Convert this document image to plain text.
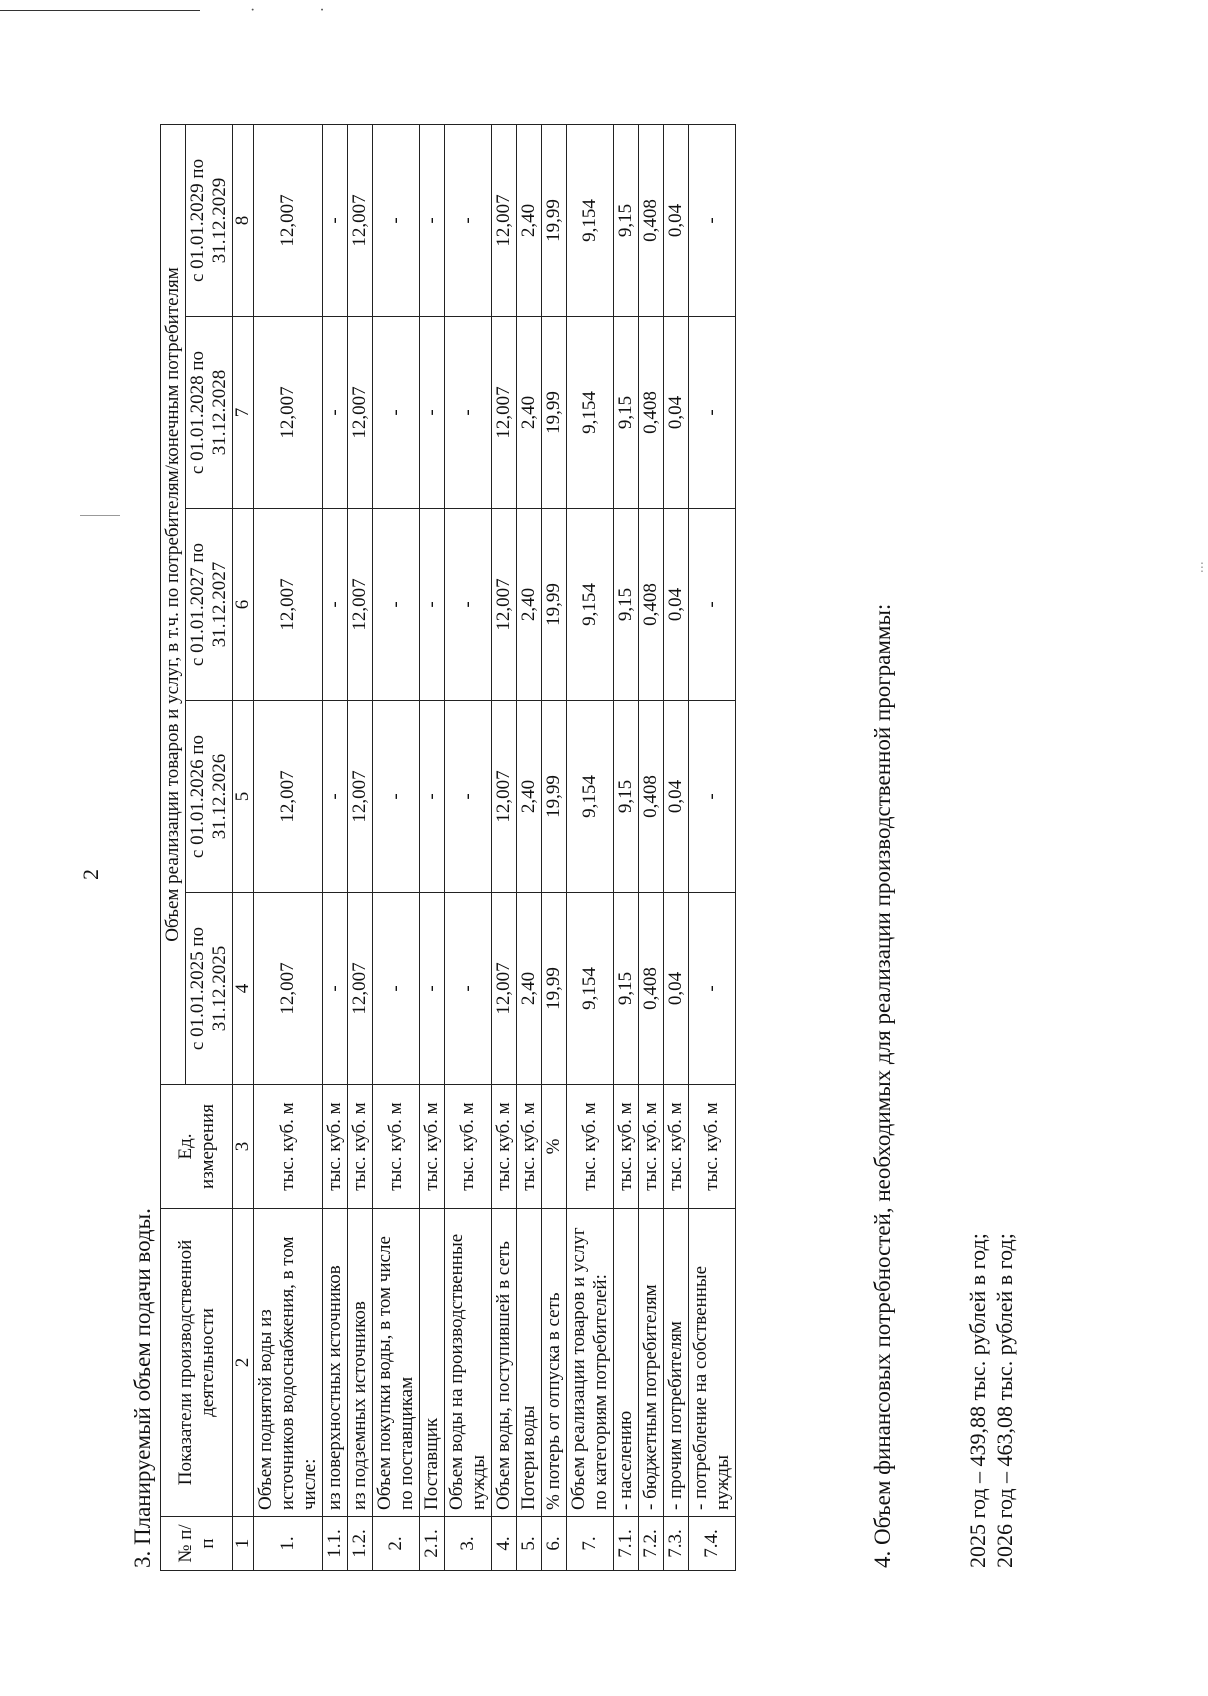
· ·
2
3. Планируемый объем подачи воды. № п/п	Показатели производственной деятельности	Ед. измерения	Объем реализации товаров и услуг, в т.ч. по потребителям/конечным потребителям				
			с 01.01.2025 по 31.12.2025	с 01.01.2026 по 31.12.2026	с 01.01.2027 по 31.12.2027	с 01.01.2028 по 31.12.2028	с 01.01.2029 по 31.12.2029
1	2	3	4	5	6	7	8
1.	Объем поднятой воды из источников водоснабжения, в том числе:	тыс. куб. м	12,007	12,007	12,007	12,007	12,007
1.1.	из поверхностных источников	тыс. куб. м	-	-	-	-	-
1.2.	из подземных источников	тыс. куб. м	12,007	12,007	12,007	12,007	12,007
2.	Объем покупки воды, в том числе по поставщикам	тыс. куб. м	-	-	-	-	-
2.1.	Поставщик	тыс. куб. м	-	-	-	-	-
3.	Объем воды на производственные нужды	тыс. куб. м	-	-	-	-	-
4.	Объем воды, поступившей в сеть	тыс. куб. м	12,007	12,007	12,007	12,007	12,007
5.	Потери воды	тыс. куб. м	2,40	2,40	2,40	2,40	2,40
6.	% потерь от отпуска в сеть	%	19,99	19,99	19,99	19,99	19,99
7.	Объем реализации товаров и услуг по категориям потребителей:	тыс. куб. м	9,154	9,154	9,154	9,154	9,154
7.1.	- населению	тыс. куб. м	9,15	9,15	9,15	9,15	9,15
7.2.	- бюджетным потребителям	тыс. куб. м	0,408	0,408	0,408	0,408	0,408
7.3.	- прочим потребителям	тыс. куб. м	0,04	0,04	0,04	0,04	0,04
7.4.	- потребление на собственные нужды	тыс. куб. м	-	-	-	-	-
4. Объем финансовых потребностей, необходимых для реализации производственной программы:	2025 год – 439,88 тыс. рублей в год; 2026 год – 463,08 тыс. рублей в год;
⋮
